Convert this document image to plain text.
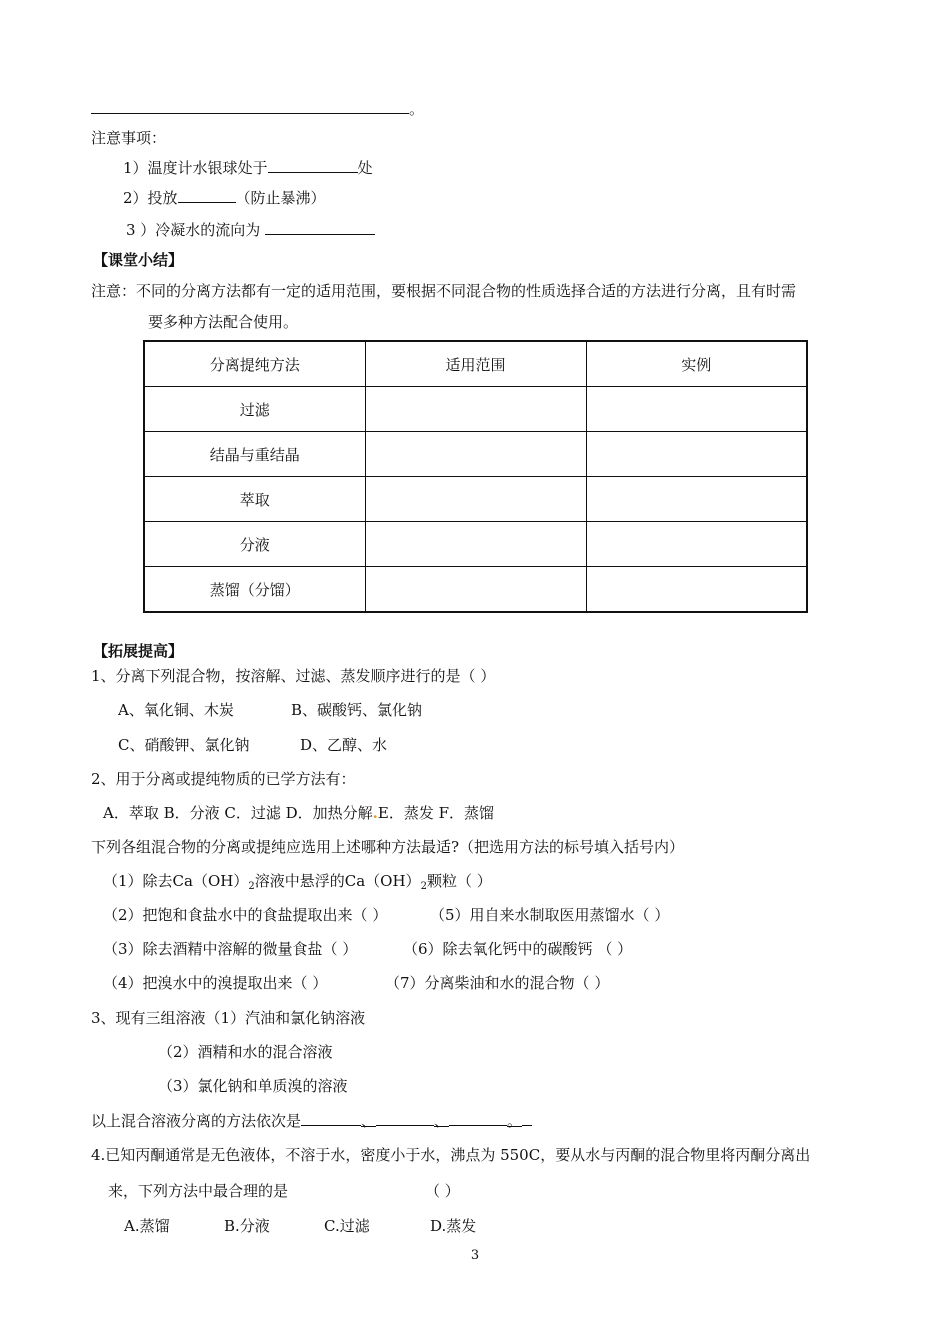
。
注意事项：
1）温度计水银球处于	处
2）投放	（防止暴沸）
3 ）冷凝水的流向为
【课堂小结】
注意：不同的分离方法都有一定的适用范围，要根据不同混合物的性质选择合适的方法进行分离，且有时需
要多种方法配合使用。
分离提纯方法	适用范围	实例
过滤		
结晶与重结晶		
萃取		
分液		
蒸馏（分馏）		
【拓展提高】
1、分离下列混合物，按溶解、过滤、蒸发顺序进行的是（ ）
A、氧化铜、木炭	B、碳酸钙、氯化钠
C、硝酸钾、氯化钠	D、乙醇、水
2、用于分离或提纯物质的已学方法有：
A．萃取 B．分液 C．过滤 D．加热分解.E．蒸发 F．蒸馏
下列各组混合物的分离或提纯应选用上述哪种方法最适?（把选用方法的标号填入括号内）
（1）除去$Ca(OH)_2$溶液中悬浮的$Ca(OH)_2$颗粒（ ）
（2）把饱和食盐水中的食盐提取出来（ ）	（5）用自来水制取医用蒸馏水（ ）
（3）除去酒精中溶解的微量食盐（ ）	（6）除去氧化钙中的碳酸钙 （ ）
（4）把溴水中的溴提取出来（ ）	（7）分离柴油和水的混合物（ ）
3、现有三组溶液（1）汽油和氯化钠溶液
（2）酒精和水的混合溶液
（3）氯化钠和单质溴的溶液
以上混合溶液分离的方法依次是	、	、	。
4.已知丙酮通常是无色液体，不溶于水，密度小于水，沸点为 550C，要从水与丙酮的混合物里将丙酮分离出
来，下列方法中最合理的是	（ ）
A.蒸馏	B.分液	C.过滤	D.蒸发
3
